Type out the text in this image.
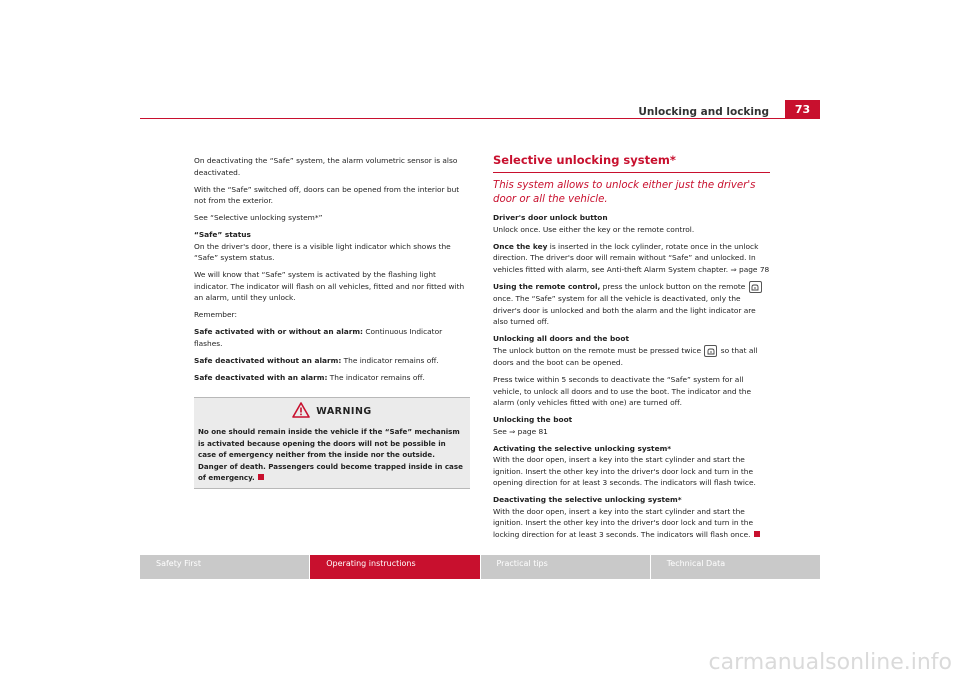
Unlocking and locking	73

On deactivating the “Safe” system, the alarm volumetric sensor is also deactivated.

With the “Safe” switched off, doors can be opened from the interior but not from the exterior.

See “Selective unlocking system*”

“Safe” status
On the driver's door, there is a visible light indicator which shows the “Safe” system status.

We will know that “Safe” system is activated by the flashing light indicator. The indicator will flash on all vehicles, fitted and nor fitted with an alarm, until they unlock.

Remember:

Safe activated with or without an alarm: Continuous Indicator flashes.

Safe deactivated without an alarm: The indicator remains off.

Safe deactivated with an alarm: The indicator remains off.

WARNING
No one should remain inside the vehicle if the “Safe” mechanism is activated because opening the doors will not be possible in case of emergency neither from the inside nor the outside. Danger of death. Passengers could become trapped inside in case of emergency.
Selective unlocking system*

This system allows to unlock either just the driver's door or all the vehicle.

Driver's door unlock button
Unlock once. Use either the key or the remote control.

Once the key is inserted in the lock cylinder, rotate once in the unlock direction. The driver's door will remain without “Safe” and unlocked. In vehicles fitted with alarm, see Anti-theft Alarm System chapter. ⇒ page 78

Using the remote control, press the unlock button on the remote
once. The “Safe” system for all the vehicle is deactivated, only the driver's door is unlocked and both the alarm and the light indicator are also turned off.

Unlocking all doors and the boot
The unlock button on the remote must be pressed twice	so that all doors and the boot can be opened.

Press twice within 5 seconds to deactivate the “Safe” system for all vehicle, to unlock all doors and to use the boot. The indicator and the alarm (only vehicles fitted with one) are turned off.

Unlocking the boot
See ⇒ page 81

Activating the selective unlocking system*
With the door open, insert a key into the start cylinder and start the ignition. Insert the other key into the driver's door lock and turn in the opening direction for at least 3 seconds. The indicators will flash twice.

Deactivating the selective unlocking system*
With the door open, insert a key into the start cylinder and start the ignition. Insert the other key into the driver's door lock and turn in the locking direction for at least 3 seconds. The indicators will flash once.

Safety First	Operating instructions	Practical tips	Technical Data
carmanualsonline.info
